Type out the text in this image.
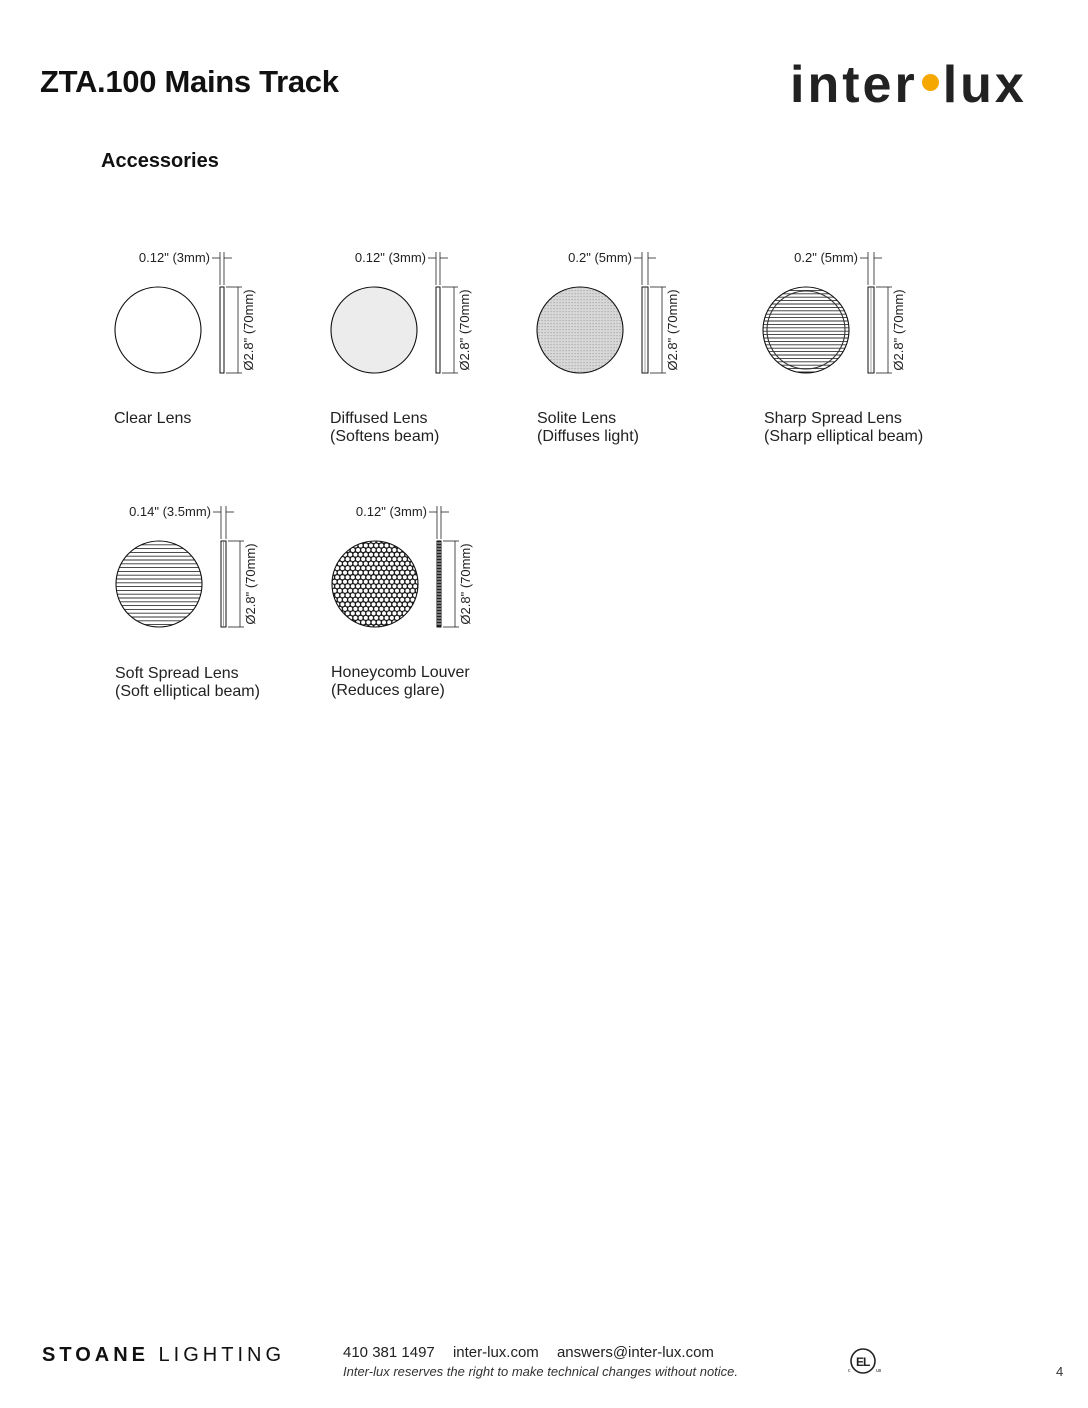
ZTA.100 Mains Track	inter lux
Accessories
0.12" (3mm)
Ø2.8" (70mm)
0.12" (3mm)
Ø2.8" (70mm)
0.2" (5mm)
Ø2.8" (70mm)
0.2" (5mm)
Ø2.8" (70mm)
0.14" (3.5mm)
Ø2.8" (70mm)
0.12" (3mm)
Ø2.8" (70mm)
Clear Lens	Diffused Lens
(Softens beam)
Solite Lens
(Diffuses light)
Sharp Spread Lens
(Sharp elliptical beam)
Soft Spread Lens
(Soft elliptical beam)
Honeycomb Louver
(Reduces glare)
STOANE LIGHTING	410 381 1497 inter-lux.com answers@inter-lux.com
Inter-lux reserves the right to make technical changes without notice.
E
L
c	us	4
